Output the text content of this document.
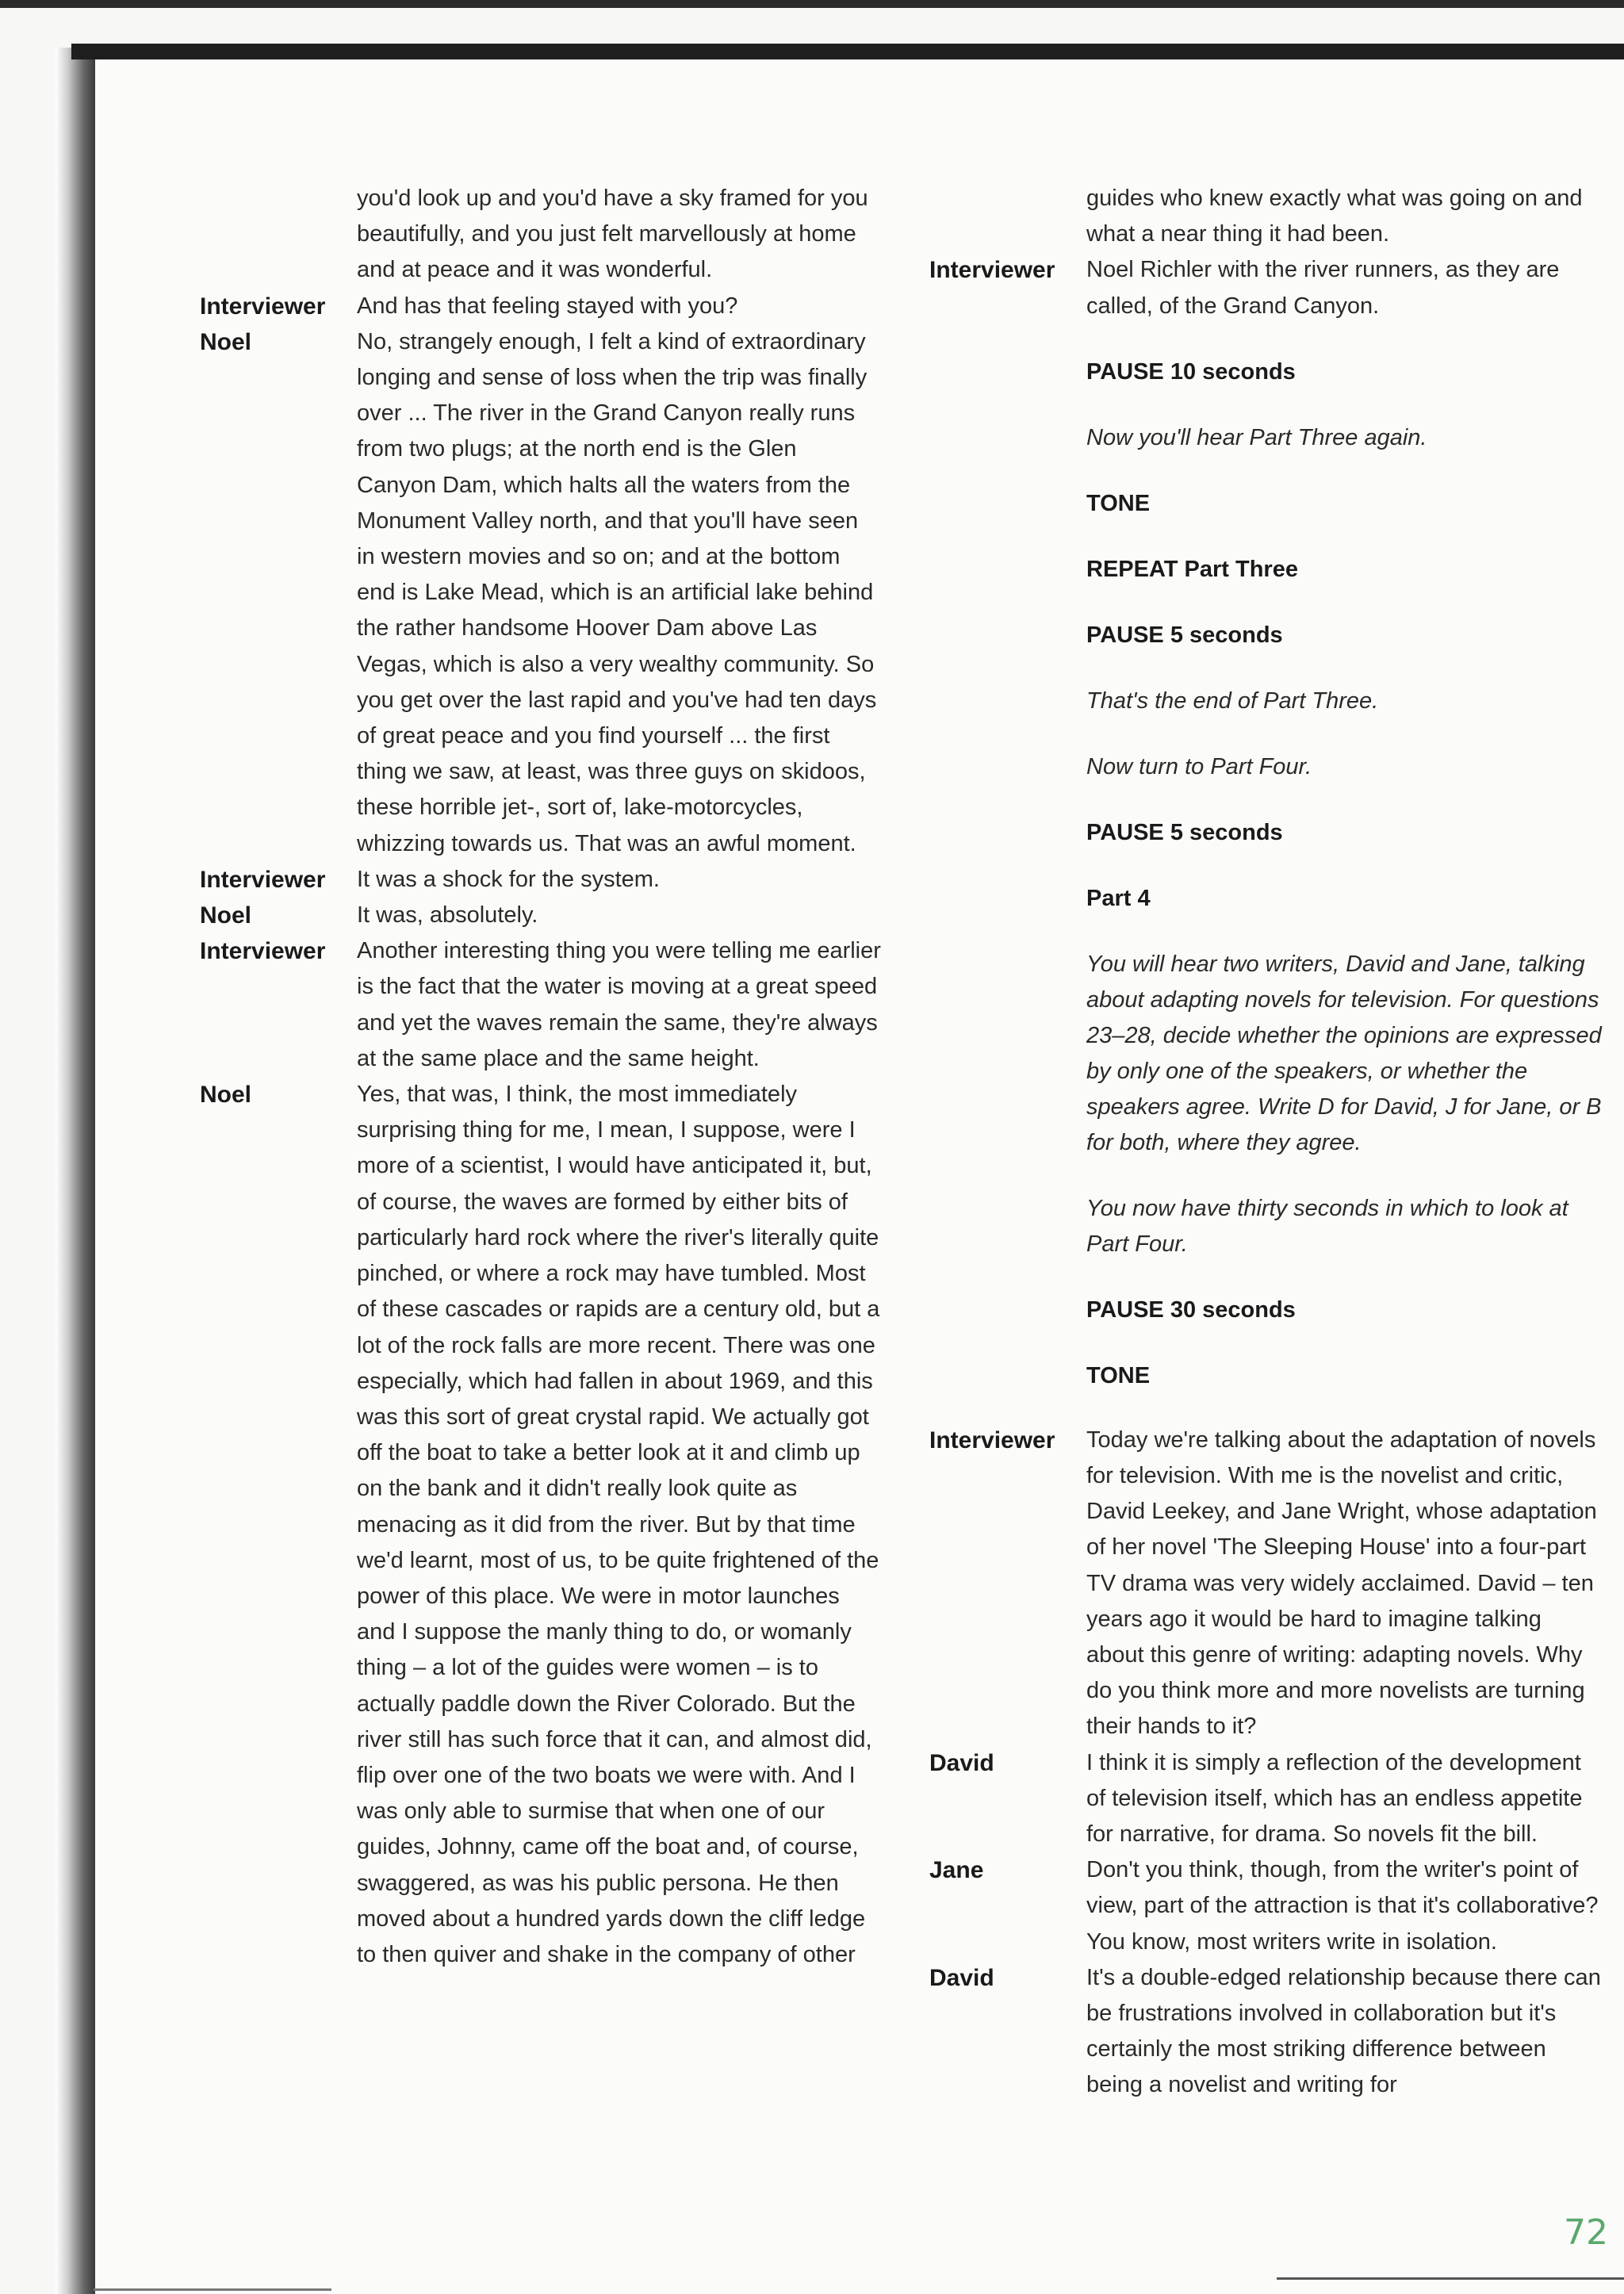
you'd look up and you'd have a sky framed for you beautifully, and you just felt marvellously at home and at peace and it was wonderful.
Interviewer	And has that feeling stayed with you?
Noel	No, strangely enough, I felt a kind of extraordinary longing and sense of loss when the trip was finally over ... The river in the Grand Canyon really runs from two plugs; at the north end is the Glen Canyon Dam, which halts all the waters from the Monument Valley north, and that you'll have seen in western movies and so on; and at the bottom end is Lake Mead, which is an artificial lake behind the rather handsome Hoover Dam above Las Vegas, which is also a very wealthy community. So you get over the last rapid and you've had ten days of great peace and you find yourself ... the first thing we saw, at least, was three guys on skidoos, these horrible jet-, sort of, lake-motorcycles, whizzing towards us. That was an awful moment.
Interviewer	It was a shock for the system.
Noel	It was, absolutely.
Interviewer	Another interesting thing you were telling me earlier is the fact that the water is moving at a great speed and yet the waves remain the same, they're always at the same place and the same height.
Noel	Yes, that was, I think, the most immediately surprising thing for me, I mean, I suppose, were I more of a scientist, I would have anticipated it, but, of course, the waves are formed by either bits of particularly hard rock where the river's literally quite pinched, or where a rock may have tumbled. Most of these cascades or rapids are a century old, but a lot of the rock falls are more recent. There was one especially, which had fallen in about 1969, and this was this sort of great crystal rapid. We actually got off the boat to take a better look at it and climb up on the bank and it didn't really look quite as menacing as it did from the river. But by that time we'd learnt, most of us, to be quite frightened of the power of this place. We were in motor launches and I suppose the manly thing to do, or womanly thing – a lot of the guides were women – is to actually paddle down the River Colorado. But the river still has such force that it can, and almost did, flip over one of the two boats we were with. And I was only able to surmise that when one of our guides, Johnny, came off the boat and, of course, swaggered, as was his public persona. He then moved about a hundred yards down the cliff ledge to then quiver and shake in the company of other
guides who knew exactly what was going on and what a near thing it had been.
Interviewer	Noel Richler with the river runners, as they are called, of the Grand Canyon.
PAUSE 10 seconds
Now you'll hear Part Three again.
TONE
REPEAT Part Three
PAUSE 5 seconds
That's the end of Part Three.
Now turn to Part Four.
PAUSE 5 seconds
Part 4
You will hear two writers, David and Jane, talking about adapting novels for television. For questions 23–28, decide whether the opinions are expressed by only one of the speakers, or whether the speakers agree. Write D for David, J for Jane, or B for both, where they agree.
You now have thirty seconds in which to look at Part Four.
PAUSE 30 seconds
TONE
Interviewer	Today we're talking about the adaptation of novels for television. With me is the novelist and critic, David Leekey, and Jane Wright, whose adaptation of her novel 'The Sleeping House' into a four-part TV drama was very widely acclaimed. David – ten years ago it would be hard to imagine talking about this genre of writing: adapting novels. Why do you think more and more novelists are turning their hands to it?
David	I think it is simply a reflection of the development of television itself, which has an endless appetite for narrative, for drama. So novels fit the bill.
Jane	Don't you think, though, from the writer's point of view, part of the attraction is that it's collaborative? You know, most writers write in isolation.
David	It's a double-edged relationship because there can be frustrations involved in collaboration but it's certainly the most striking difference between being a novelist and writing for
72
